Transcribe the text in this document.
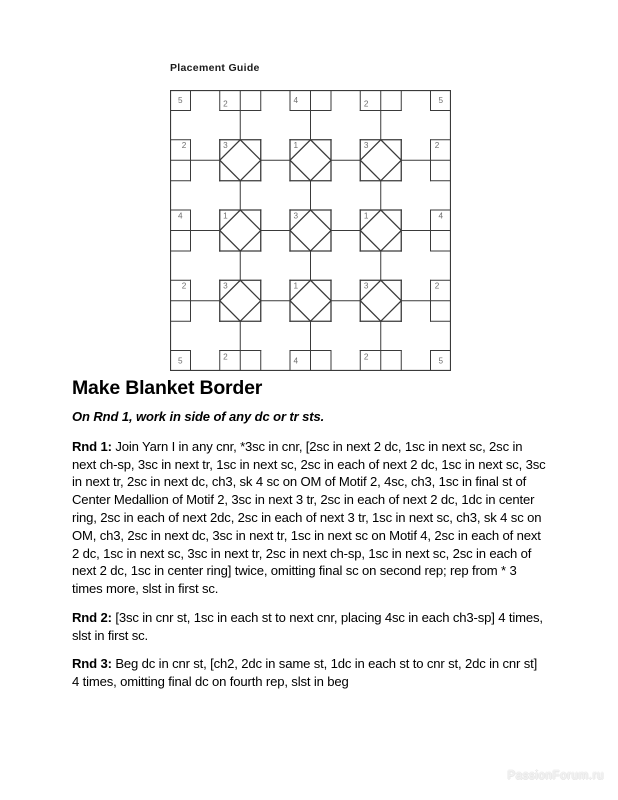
Placement Guide
5	2	4	2	5
2	3	1	3	2
4	1	3	1	4
2	3	1	3	2
5	2	4	2	5
Make Blanket Border

On Rnd 1, work in side of any dc or tr sts.

Rnd 1: Join Yarn I in any cnr, *3sc in cnr, [2sc in next 2 dc, 1sc in next sc, 2sc in next ch-sp, 3sc in next tr, 1sc in next sc, 2sc in each of next 2 dc, 1sc in next sc, 3sc in next tr, 2sc in next dc, ch3, sk 4 sc on OM of Motif 2, 4sc, ch3, 1sc in final st of Center Medallion of Motif 2, 3sc in next 3 tr, 2sc in each of next 2 dc, 1dc in center ring, 2sc in each of next 2dc, 2sc in each of next 3 tr, 1sc in next sc, ch3, sk 4 sc on OM, ch3, 2sc in next dc, 3sc in next tr, 1sc in next sc on Motif 4, 2sc in each of next 2 dc, 1sc in next sc, 3sc in next tr, 2sc in next ch-sp, 1sc in next sc, 2sc in each of next 2 dc, 1sc in center ring] twice, omitting final sc on second rep; rep from * 3 times more, slst in first sc.

Rnd 2: [3sc in cnr st, 1sc in each st to next cnr, placing 4sc in each ch3-sp] 4 times, slst in first sc.

Rnd 3: Beg dc in cnr st, [ch2, 2dc in same st, 1dc in each st to cnr st, 2dc in cnr st] 4 times, omitting final dc on fourth rep, slst in beg

PassionForum.ru
